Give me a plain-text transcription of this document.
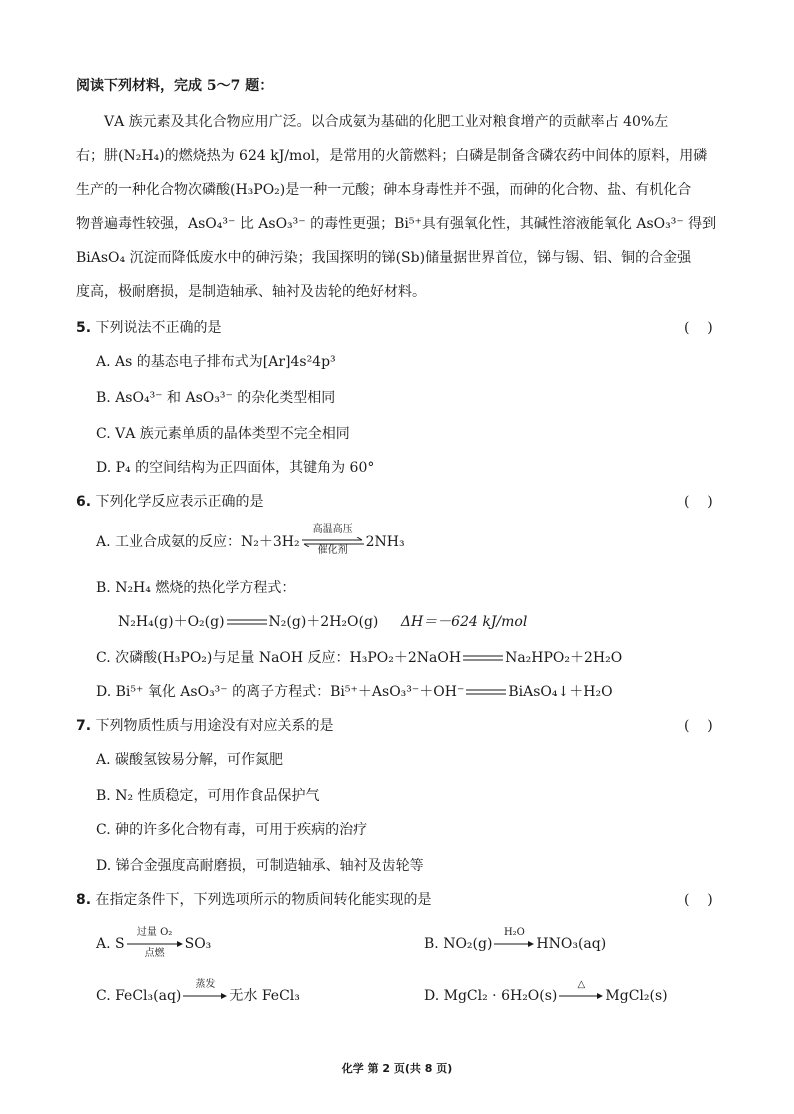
阅读下列材料，完成 5～7 题：
ⅤA 族元素及其化合物应用广泛。以合成氨为基础的化肥工业对粮食增产的贡献率占 40%左
右；肼(N₂H₄)的燃烧热为 624 kJ/mol，是常用的火箭燃料；白磷是制备含磷农药中间体的原料，用磷
生产的一种化合物次磷酸(H₃PO₂)是一种一元酸；砷本身毒性并不强，而砷的化合物、盐、有机化合
物普遍毒性较强，AsO₄³⁻ 比 AsO₃³⁻ 的毒性更强；Bi⁵⁺具有强氧化性，其碱性溶液能氧化 AsO₃³⁻ 得到
BiAsO₄ 沉淀而降低废水中的砷污染；我国探明的锑(Sb)储量据世界首位，锑与锡、铝、铜的合金强
度高，极耐磨损，是制造轴承、轴衬及齿轮的绝好材料。
5. 下列说法不正确的是	(    )
A. As 的基态电子排布式为[Ar]4s²4p³
B. AsO₄³⁻ 和 AsO₃³⁻ 的杂化类型相同
C. ⅤA 族元素单质的晶体类型不完全相同
D. P₄ 的空间结构为正四面体，其键角为 60°
6. 下列化学反应表示正确的是	(    )
A. 工业合成氨的反应：N₂＋3H₂
高温高压
催化剂
2NH₃
B. N₂H₄ 燃烧的热化学方程式：
N₂H₄(g)＋O₂(g)	N₂(g)＋2H₂O(g) ΔH＝－624 kJ/mol
C. 次磷酸(H₃PO₂)与足量 NaOH 反应：H₃PO₂＋2NaOH	Na₂HPO₂＋2H₂O
D. Bi⁵⁺ 氧化 AsO₃³⁻ 的离子方程式：Bi⁵⁺＋AsO₃³⁻＋OH⁻	BiAsO₄↓＋H₂O
7. 下列物质性质与用途没有对应关系的是	(    )
A. 碳酸氢铵易分解，可作氮肥
B. N₂ 性质稳定，可用作食品保护气
C. 砷的许多化合物有毒，可用于疾病的治疗
D. 锑合金强度高耐磨损，可制造轴承、轴衬及齿轮等
8. 在指定条件下，下列选项所示的物质间转化能实现的是	(    )
A. S
过量 O₂
点燃
SO₃	B. NO₂(g)
H₂O
HNO₃(aq)
C. FeCl₃(aq)
蒸发
无水 FeCl₃	D. MgCl₂ · 6H₂O(s)
△
MgCl₂(s)
化学 第 2 页(共 8 页)
